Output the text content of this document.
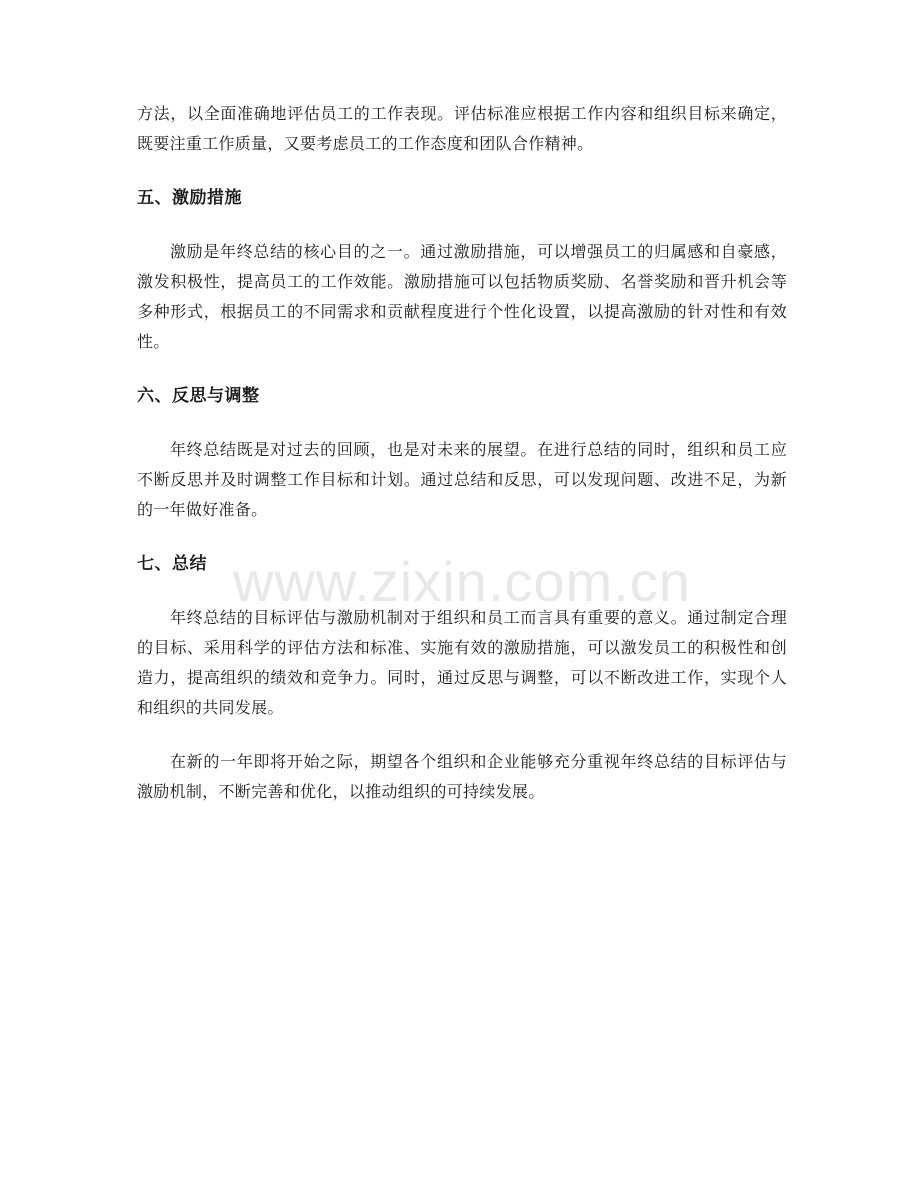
方法，以全面准确地评估员工的工作表现。评估标准应根据工作内容和组织目标来确定，既要注重工作质量，又要考虑员工的工作态度和团队合作精神。

五、激励措施

激励是年终总结的核心目的之一。通过激励措施，可以增强员工的归属感和自豪感，激发积极性，提高员工的工作效能。激励措施可以包括物质奖励、名誉奖励和晋升机会等多种形式，根据员工的不同需求和贡献程度进行个性化设置，以提高激励的针对性和有效性。

六、反思与调整

年终总结既是对过去的回顾，也是对未来的展望。在进行总结的同时，组织和员工应不断反思并及时调整工作目标和计划。通过总结和反思，可以发现问题、改进不足，为新的一年做好准备。

七、总结

年终总结的目标评估与激励机制对于组织和员工而言具有重要的意义。通过制定合理的目标、采用科学的评估方法和标准、实施有效的激励措施，可以激发员工的积极性和创造力，提高组织的绩效和竞争力。同时，通过反思与调整，可以不断改进工作，实现个人和组织的共同发展。

在新的一年即将开始之际，期望各个组织和企业能够充分重视年终总结的目标评估与激励机制，不断完善和优化，以推动组织的可持续发展。

www.zixin.com.cn
